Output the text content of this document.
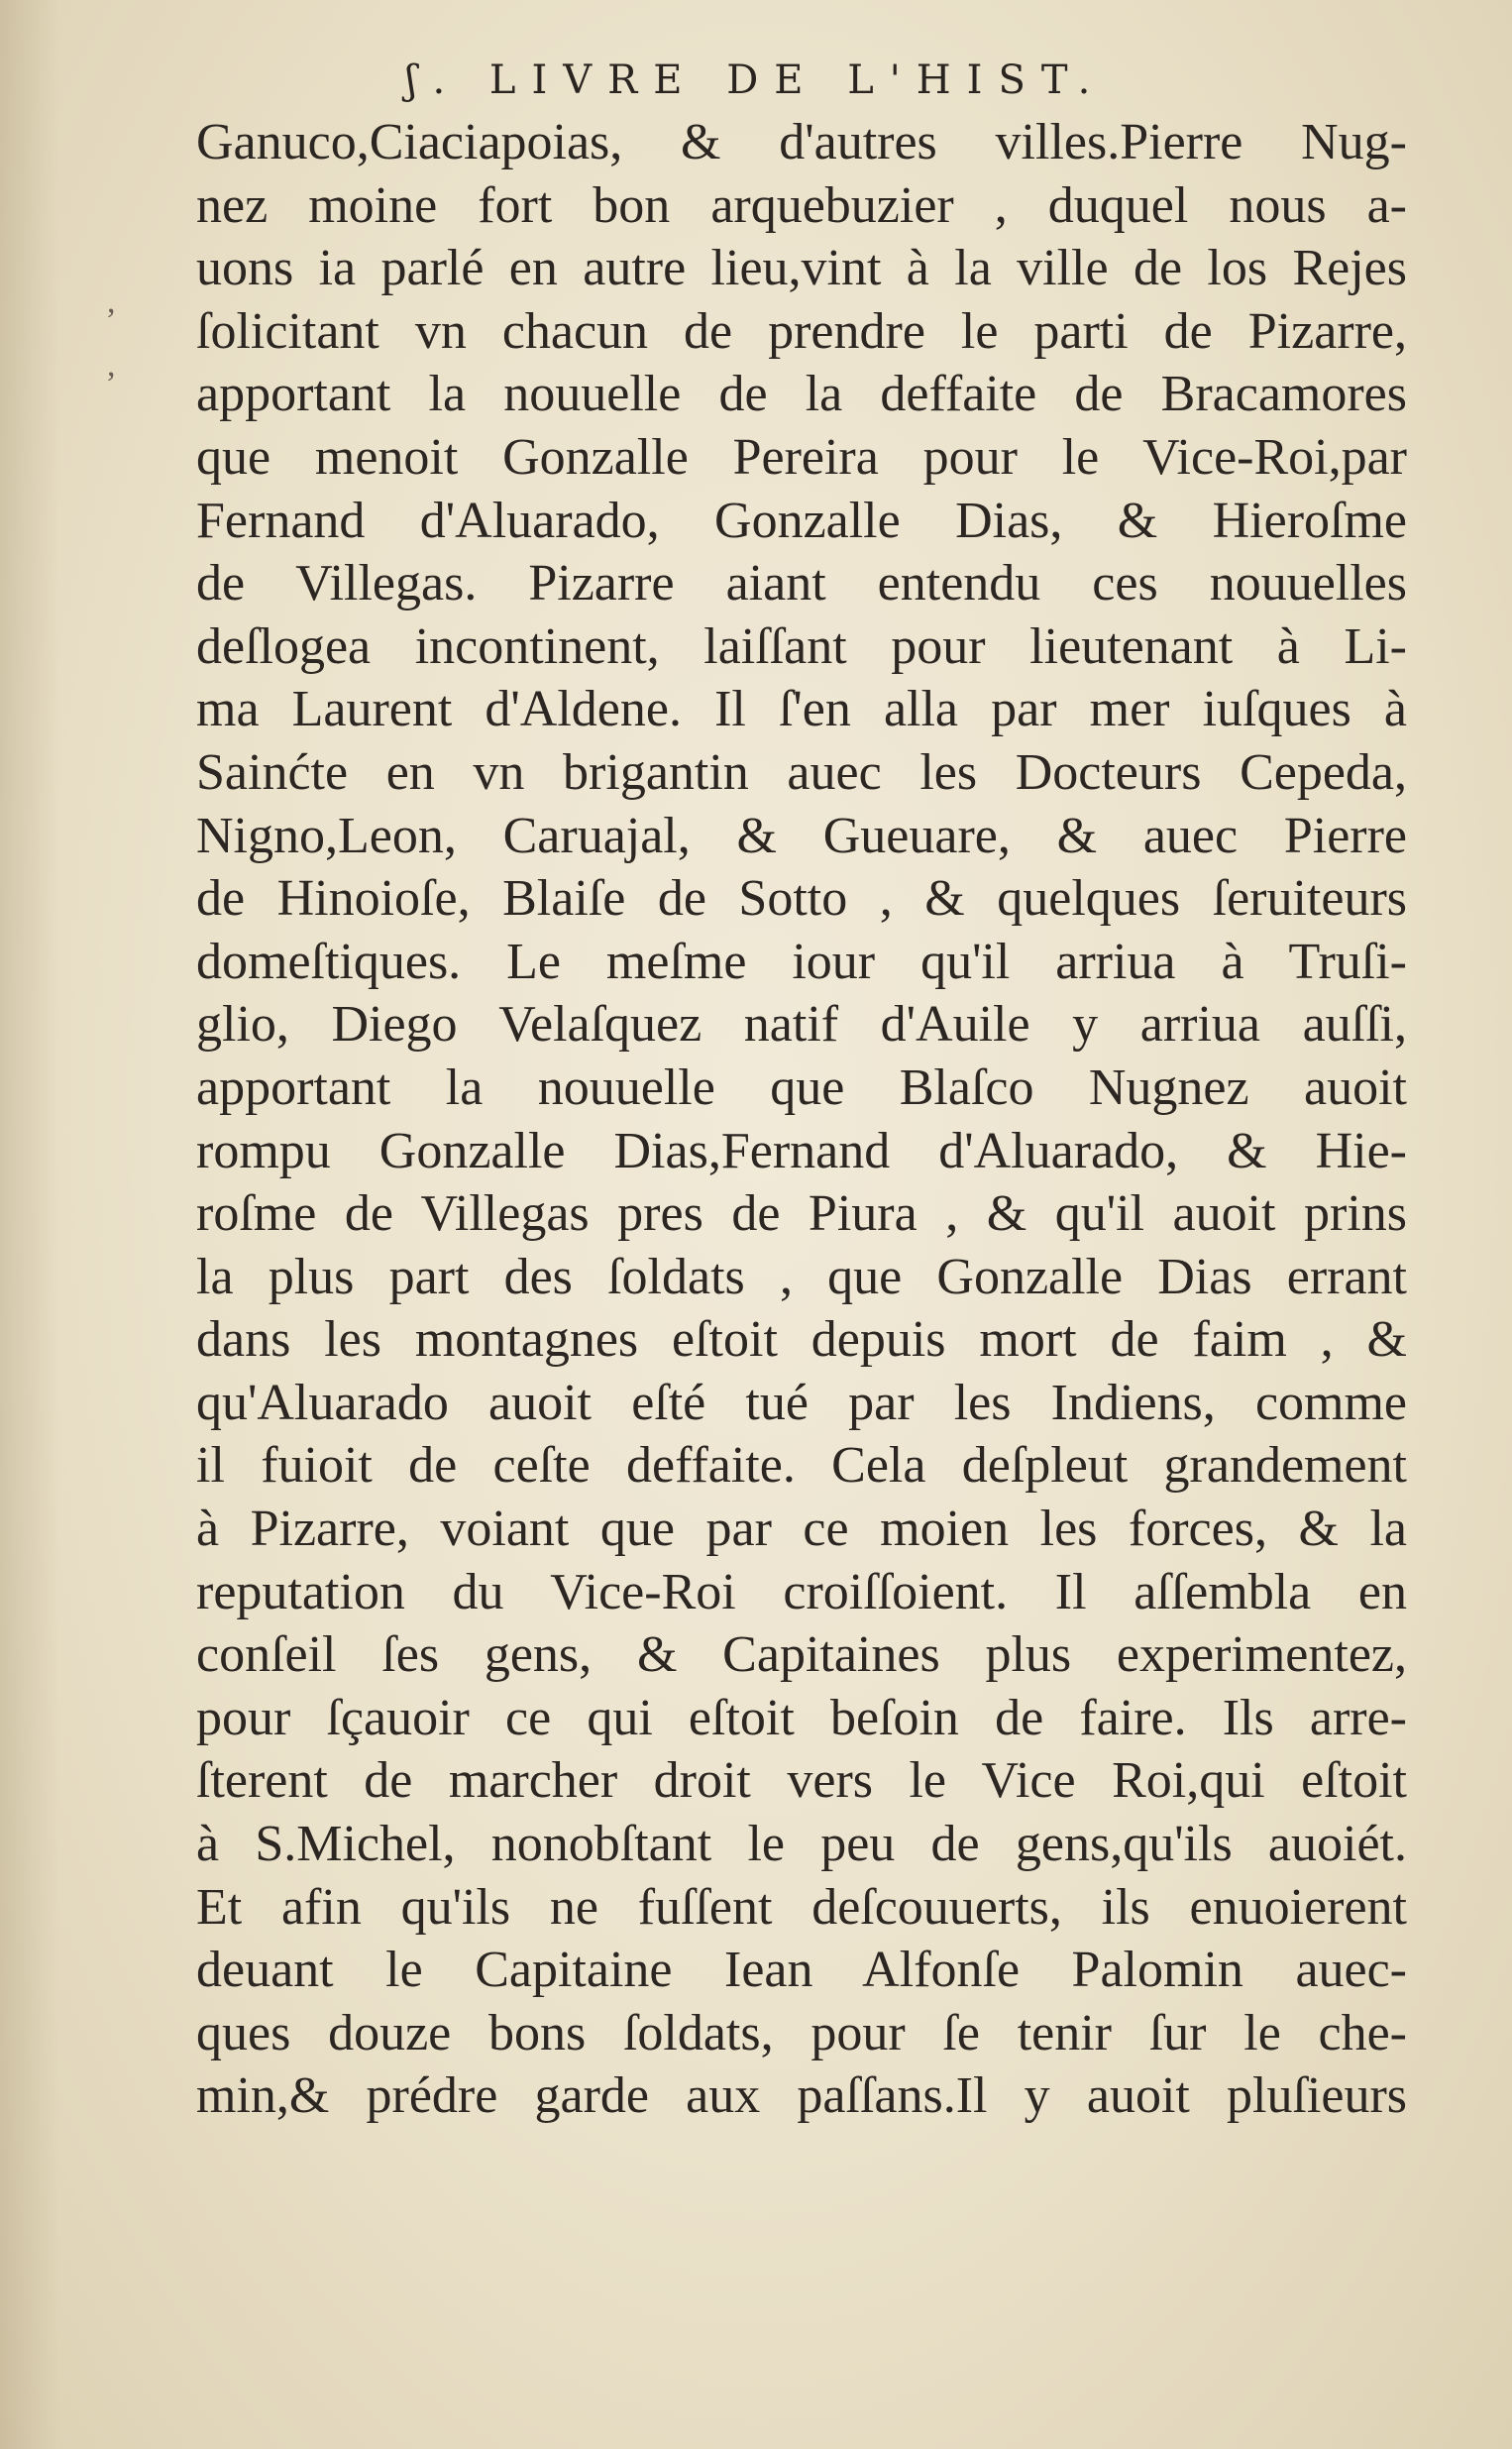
ʃ. LIVRE DE L'HIST.
,
,
Ganuco,Ciaciapoias, & d'autres villes.Pierre Nug-
nez moine fort bon arquebuzier , duquel nous a-
uons ia parlé en autre lieu,vint à la ville de los Rejes
ſolicitant vn chacun de prendre le parti de Pizarre,
apportant la nouuelle de la deffaite de Bracamores
que menoit Gonzalle Pereira pour le Vice-Roi,par
Fernand d'Aluarado, Gonzalle Dias, & Hieroſme
de Villegas. Pizarre aiant entendu ces nouuelles
deſlogea incontinent, laiſſant pour lieutenant à Li-
ma Laurent d'Aldene. Il ſ'en alla par mer iuſques à
Sainćte en vn brigantin auec les Docteurs Cepeda,
Nigno,Leon, Caruajal, & Gueuare, & auec Pierre
de Hinoioſe, Blaiſe de Sotto , & quelques ſeruiteurs
domeſtiques. Le meſme iour qu'il arriua à Truſi-
glio, Diego Velaſquez natif d'Auile y arriua auſſi,
apportant la nouuelle que Blaſco Nugnez auoit
rompu Gonzalle Dias,Fernand d'Aluarado, & Hie-
roſme de Villegas pres de Piura , & qu'il auoit prins
la plus part des ſoldats , que Gonzalle Dias errant
dans les montagnes eſtoit depuis mort de faim , &
qu'Aluarado auoit eſté tué par les Indiens, comme
il fuioit de ceſte deffaite. Cela deſpleut grandement
à Pizarre, voiant que par ce moien les forces, & la
reputation du Vice-Roi croiſſoient. Il aſſembla en
conſeil ſes gens, & Capitaines plus experimentez,
pour ſçauoir ce qui eſtoit beſoin de faire. Ils arre-
ſterent de marcher droit vers le Vice Roi,qui eſtoit
à S.Michel, nonobſtant le peu de gens,qu'ils auoiét.
Et afin qu'ils ne fuſſent deſcouuerts, ils enuoierent
deuant le Capitaine Iean Alfonſe Palomin auec-
ques douze bons ſoldats, pour ſe tenir ſur le che-
min,& prédre garde aux paſſans.Il y auoit pluſieurs
